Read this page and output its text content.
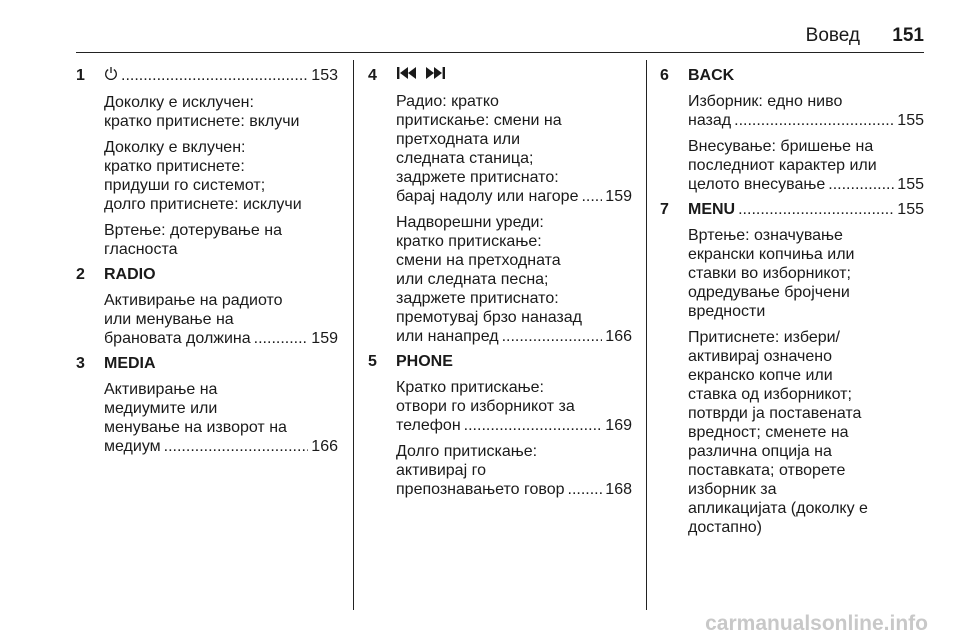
Вовед 151
1 .....	153
Доколку е исклучен:
кратко притиснете: вклучи
Доколку е вклучен:
кратко притиснете:
придуши го системот;
долго притиснете: исклучи
Вртење: дотерување на
гласноста
2	RADIO
Активирање на радиото
или менување на
брановата должина .....	159
3	MEDIA
Активирање на
медиумите или
менување на изворот на
медиум .....	166
4
Радио: кратко
притискање: смени на
претходната или
следната станица;
задржете притиснато:
барај надолу или нагоре ..... 159
Надворешни уреди:
кратко притискање:
смени на претходната
или следната песна;
задржете притиснато:
премотувај брзо наназад
или нанапред .....	166
5	PHONE
Кратко притискање:
отвори го изборникот за
телефон .....	169
Долго притискање:
активирај го
препознавањето говор .....	168
6	BACK
Изборник: едно ниво
назад .....	155
Внесување: бришење на
последниот карактер или
целото внесување .....	155
7	MENU .....	155
Вртење: означување
екрански копчиња или
ставки во изборникот;
одредување бројчени
вредности
Притиснете: избери/
активирај означено
екранско копче или
ставка од изборникот;
потврди ја поставената
вредност; сменете на
различна опција на
поставката; отворете
изборник за
апликацијата (доколку е
достапно)
carmanualsonline.info
